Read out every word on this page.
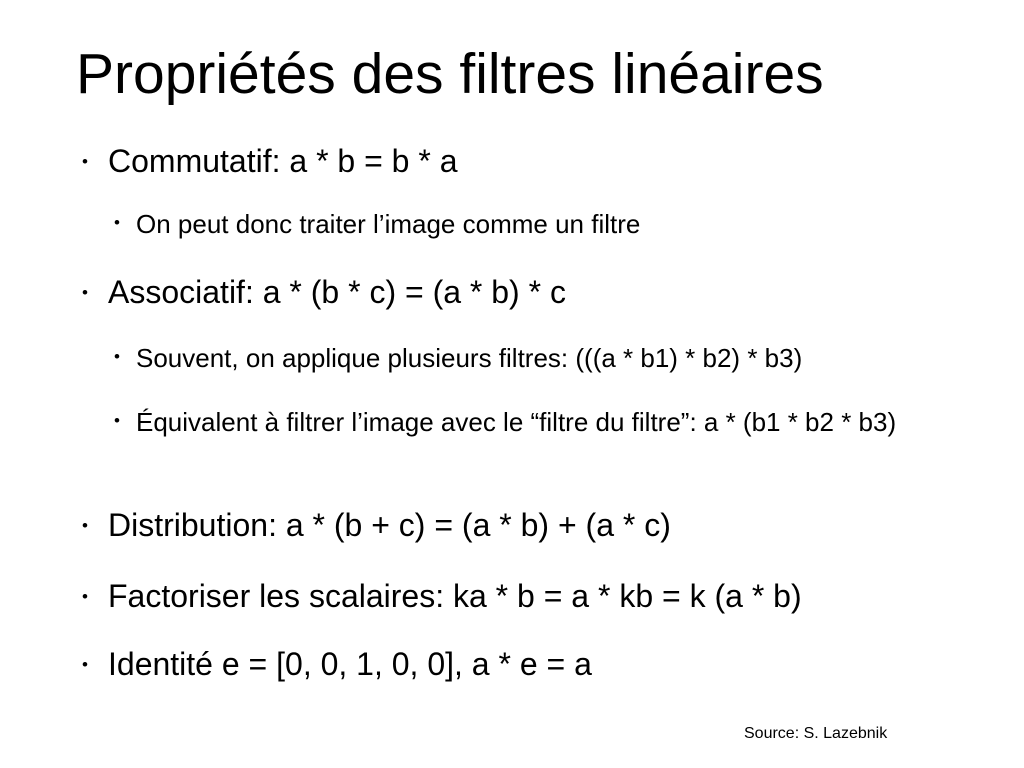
Propriétés des filtres linéaires
• Commutatif: a * b = b * a
• On peut donc traiter l’image comme un filtre
• Associatif: a * (b * c) = (a * b) * c
• Souvent, on applique plusieurs filtres: (((a * b1) * b2) * b3)
• Équivalent à filtrer l’image avec le “filtre du filtre”: a * (b1 * b2 * b3)
• Distribution: a * (b + c) = (a * b) + (a * c)
• Factoriser les scalaires: ka * b = a * kb = k (a * b)
• Identité e = [0, 0, 1, 0, 0], a * e = a
Source: S. Lazebnik
